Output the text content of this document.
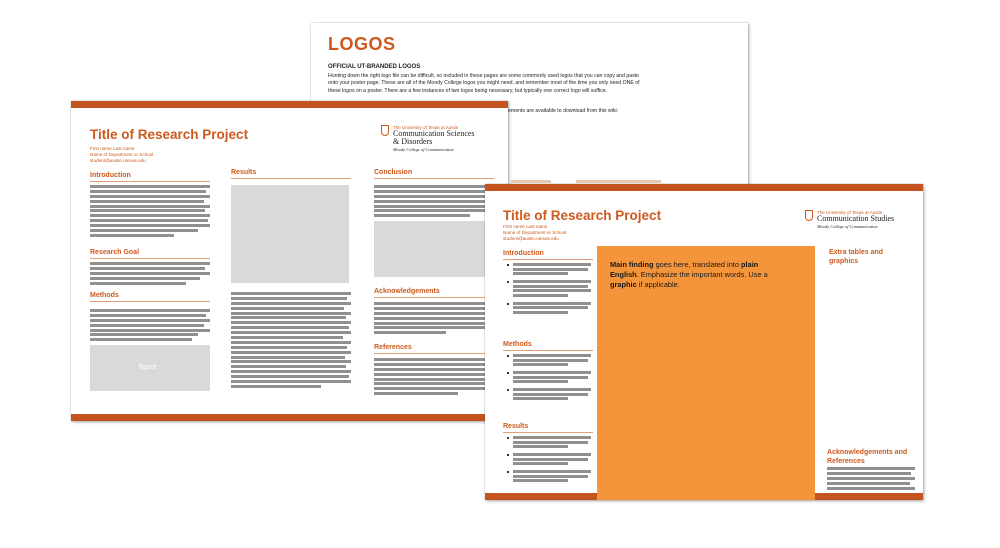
LOGOS
OFFICIAL UT-BRANDED LOGOS
Hunting down the right logo file can be difficult, so included in these pages are some commonly used logos that you can copy and paste onto your poster page. These are all of the Moody College logos you might need, and remember most of the time you only need ONE of these logos on a poster. There are a few instances of two logos being necessary, but typically one correct logo will suffice.
ements are available to download from this wiki:
Title of Research Project
First name Last name
Name of Department or School
student@austin.utexas.edu
The University of Texas at Austin
Communication Sciences
& Disorders
Moody College of Communication
Introduction
Research Goal
Methods
figure
Results	Conclusion
Acknowledgements
References
Title of Research Project
First name Last name
Name of Department or School
student@austin.utexas.edu
The University of Texas at Austin
Communication Studies
Moody College of Communication
Introduction
Methods
Results
Main finding goes here, translated into plain English. Emphasize the important words. Use a graphic if applicable.
Extra tables and graphics
Acknowledgements and References
